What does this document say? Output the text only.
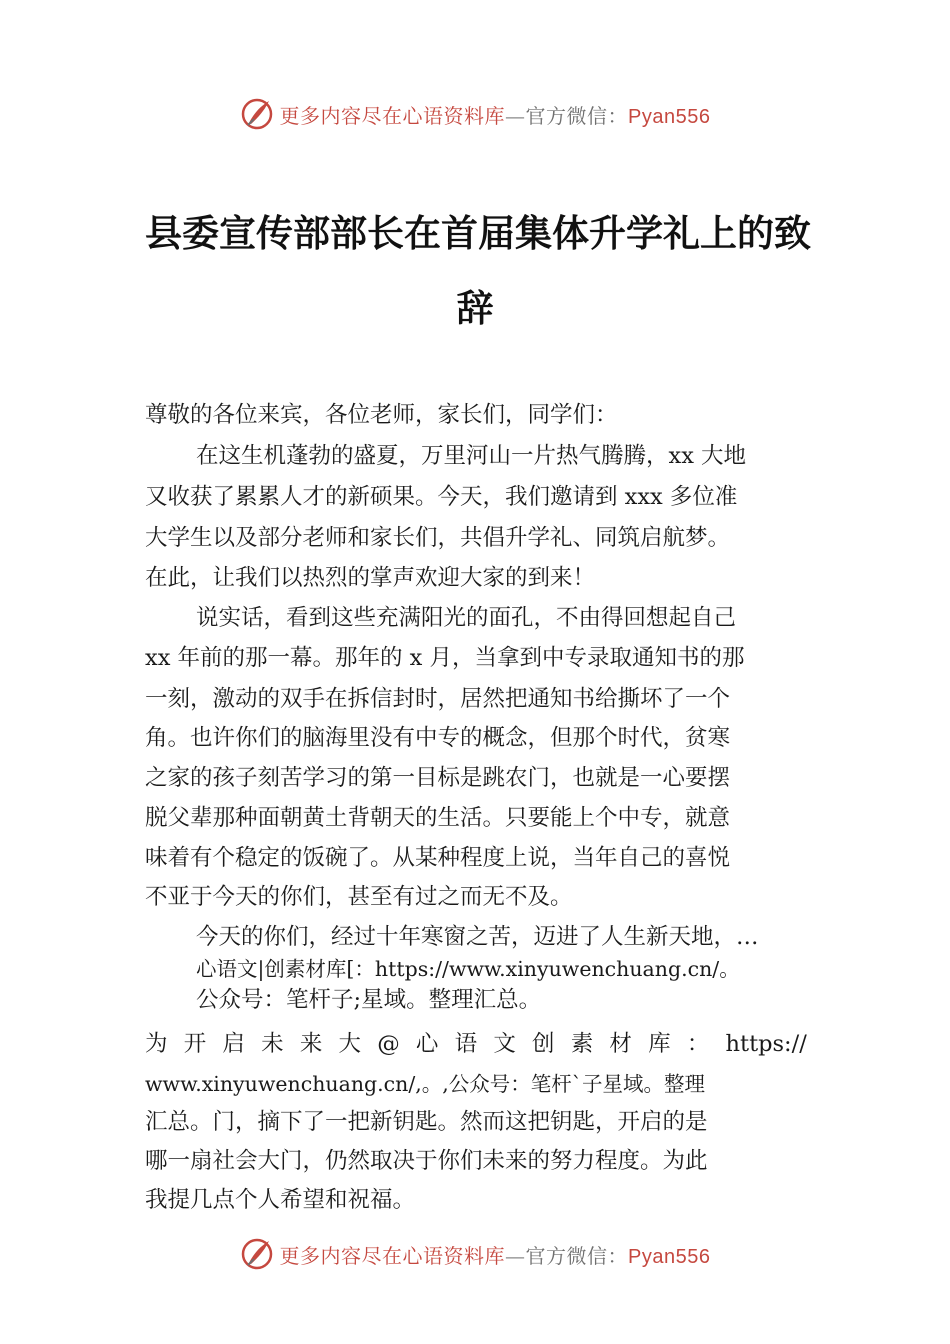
更多内容尽在心语资料库—官方微信：Pyan556
县委宣传部部长在首届集体升学礼上的致
辞
尊敬的各位来宾，各位老师，家长们，同学们：
在这生机蓬勃的盛夏，万里河山一片热气腾腾，xx 大地
又收获了累累人才的新硕果。今天，我们邀请到 xxx 多位准
大学生以及部分老师和家长们，共倡升学礼、同筑启航梦。
在此，让我们以热烈的掌声欢迎大家的到来！
说实话，看到这些充满阳光的面孔，不由得回想起自己
xx 年前的那一幕。那年的 x 月，当拿到中专录取通知书的那
一刻，激动的双手在拆信封时，居然把通知书给撕坏了一个
角。也许你们的脑海里没有中专的概念，但那个时代，贫寒
之家的孩子刻苦学习的第一目标是跳农门，也就是一心要摆
脱父辈那种面朝黄土背朝天的生活。只要能上个中专，就意
味着有个稳定的饭碗了。从某种程度上说，当年自己的喜悦
不亚于今天的你们，甚至有过之而无不及。
今天的你们，经过十年寒窗之苦，迈进了人生新天地，…
心语文|创素材库[：https://www.xinyuwenchuang.cn/。
公众号：笔杆子;星域。整理汇总。
为 开 启 未 来 大 @ 心 语 文 创 素 材 库 ： https://
www.xinyuwenchuang.cn/,。,公众号：笔杆`子星域。整理
汇总。门，摘下了一把新钥匙。然而这把钥匙，开启的是
哪一扇社会大门，仍然取决于你们未来的努力程度。为此
我提几点个人希望和祝福。
更多内容尽在心语资料库—官方微信：Pyan556
